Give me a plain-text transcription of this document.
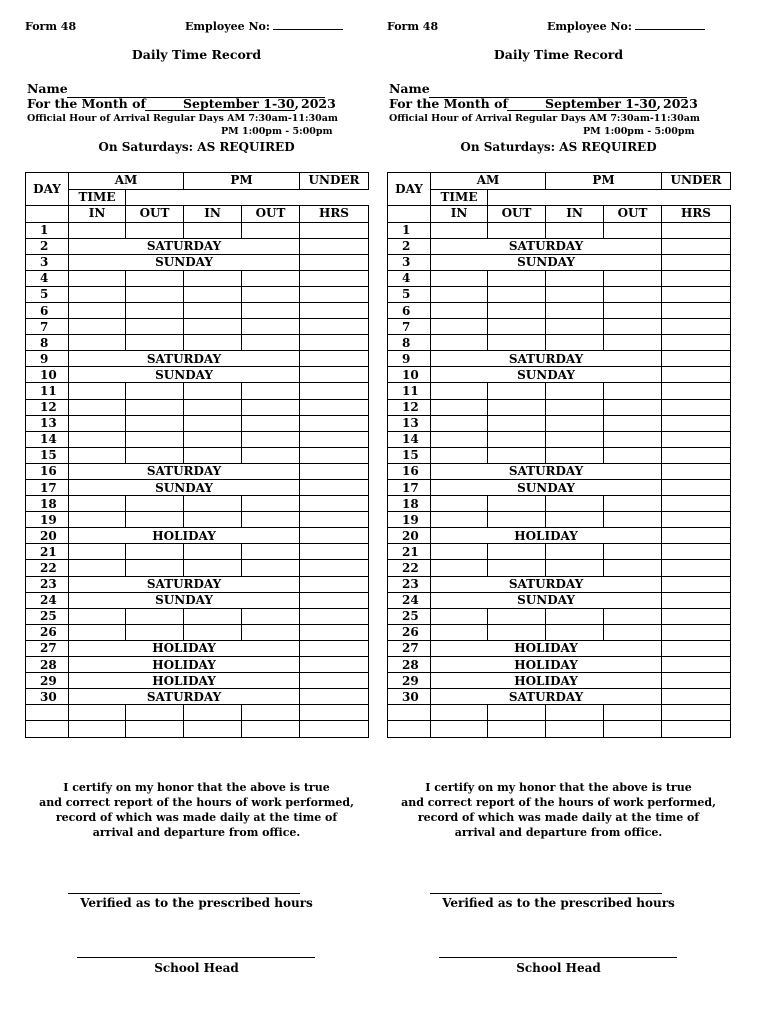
Form 48	Employee No:
Daily Time Record
Name
For the Month of	September 1-30, 2023
Official Hour of Arrival Regular Days AM 7:30am-11:30am
PM 1:00pm - 5:00pm
On Saturdays: AS REQUIRED
DAY	AM		PM		UNDER
	TIME				
	IN	OUT	IN	OUT	HRS
1					
2	SATURDAY				
3	SUNDAY				
4					
5					
6					
7					
8					
9	SATURDAY				
10	SUNDAY				
11					
12					
13					
14					
15					
16	SATURDAY				
17	SUNDAY				
18					
19					
20	HOLIDAY				
21					
22					
23	SATURDAY				
24	SUNDAY				
25					
26					
27	HOLIDAY				
28	HOLIDAY				
29	HOLIDAY				
30	SATURDAY				

I certify on my honor that the above is true
and correct report of the hours of work performed,
record of which was made daily at the time of
arrival and departure from office.
Verified as to the prescribed hours
School Head
Form 48	Employee No:
Daily Time Record
Name
For the Month of	September 1-30, 2023
Official Hour of Arrival Regular Days AM 7:30am-11:30am
PM 1:00pm - 5:00pm
On Saturdays: AS REQUIRED
DAY	AM		PM		UNDER
	TIME				
	IN	OUT	IN	OUT	HRS
1					
2	SATURDAY				
3	SUNDAY				
4					
5					
6					
7					
8					
9	SATURDAY				
10	SUNDAY				
11					
12					
13					
14					
15					
16	SATURDAY				
17	SUNDAY				
18					
19					
20	HOLIDAY				
21					
22					
23	SATURDAY				
24	SUNDAY				
25					
26					
27	HOLIDAY				
28	HOLIDAY				
29	HOLIDAY				
30	SATURDAY				

I certify on my honor that the above is true
and correct report of the hours of work performed,
record of which was made daily at the time of
arrival and departure from office.
Verified as to the prescribed hours
School Head
